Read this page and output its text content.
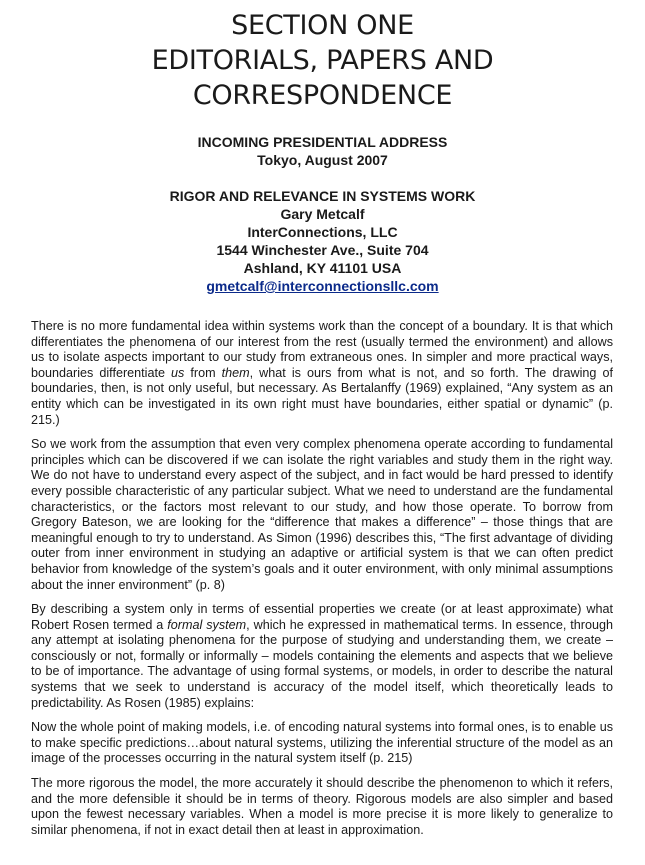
SECTION ONE
EDITORIALS, PAPERS AND
CORRESPONDENCE
INCOMING PRESIDENTIAL ADDRESS
Tokyo, August 2007
RIGOR AND RELEVANCE IN SYSTEMS WORK
Gary Metcalf
InterConnections, LLC
1544 Winchester Ave., Suite 704
Ashland, KY 41101 USA
gmetcalf@interconnectionsllc.com

There is no more fundamental idea within systems work than the concept of a boundary. It is that which differentiates the phenomena of our interest from the rest (usually termed the environment) and allows us to isolate aspects important to our study from extraneous ones. In simpler and more practical ways, boundaries differentiate us from them, what is ours from what is not, and so forth. The drawing of boundaries, then, is not only useful, but necessary. As Bertalanffy (1969) explained, “Any system as an entity which can be investigated in its own right must have boundaries, either spatial or dynamic” (p. 215.)

So we work from the assumption that even very complex phenomena operate according to fundamental principles which can be discovered if we can isolate the right variables and study them in the right way. We do not have to understand every aspect of the subject, and in fact would be hard pressed to identify every possible characteristic of any particular subject. What we need to understand are the fundamental characteristics, or the factors most relevant to our study, and how those operate. To borrow from Gregory Bateson, we are looking for the “difference that makes a difference” – those things that are meaningful enough to try to understand. As Simon (1996) describes this, “The first advantage of dividing outer from inner environment in studying an adaptive or artificial system is that we can often predict behavior from knowledge of the system’s goals and it outer environment, with only minimal assumptions about the inner environment” (p. 8)

By describing a system only in terms of essential properties we create (or at least approximate) what Robert Rosen termed a formal system, which he expressed in mathematical terms. In essence, through any attempt at isolating phenomena for the purpose of studying and understanding them, we create – consciously or not, formally or informally – models containing the elements and aspects that we believe to be of importance. The advantage of using formal systems, or models, in order to describe the natural systems that we seek to understand is accuracy of the model itself, which theoretically leads to predictability. As Rosen (1985) explains:

Now the whole point of making models, i.e. of encoding natural systems into formal ones, is to enable us to make specific predictions…about natural systems, utilizing the inferential structure of the model as an image of the processes occurring in the natural system itself (p. 215)

The more rigorous the model, the more accurately it should describe the phenomenon to which it refers, and the more defensible it should be in terms of theory. Rigorous models are also simpler and based upon the fewest necessary variables. When a model is more precise it is more likely to generalize to similar phenomena, if not in exact detail then at least in approximation.
